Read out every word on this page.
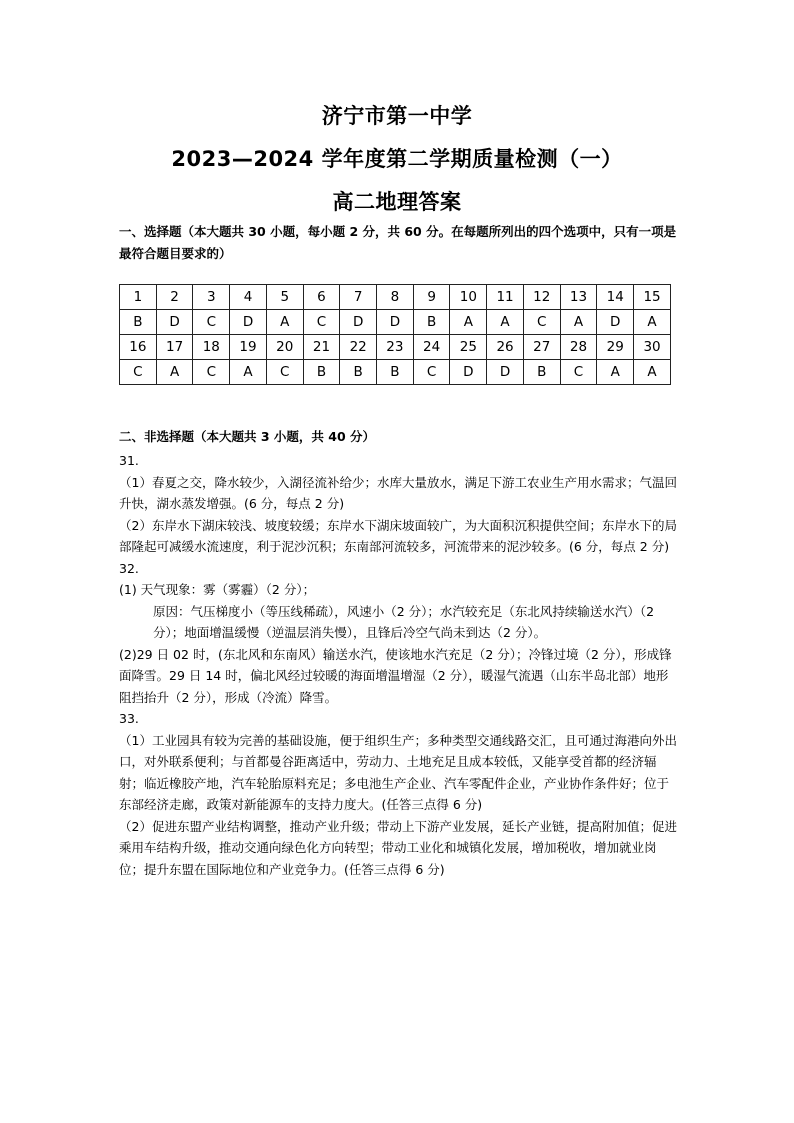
济宁市第一中学
2023—2024 学年度第二学期质量检测（一）
高二地理答案
一、选择题（本大题共 30 小题，每小题 2 分，共 60 分。在每题所列出的四个选项中，只有一项是最符合题目要求的）
1	2	3	4	5	6	7	8	9	10	11	12	13	14	15
B	D	C	D	A	C	D	D	B	A	A	C	A	D	A
16	17	18	19	20	21	22	23	24	25	26	27	28	29	30
C	A	C	A	C	B	B	B	C	D	D	B	C	A	A
二、非选择题（本大题共 3 小题，共 40 分）

31.

（1）春夏之交，降水较少，入湖径流补给少；水库大量放水，满足下游工农业生产用水需求；气温回升快，湖水蒸发增强。(6 分，每点 2 分)

（2）东岸水下湖床较浅、坡度较缓；东岸水下湖床坡面较广，为大面积沉积提供空间；东岸水下的局部隆起可减缓水流速度，利于泥沙沉积；东南部河流较多，河流带来的泥沙较多。(6 分，每点 2 分)

32.

(1) 天气现象：雾（雾霾）（2 分）；

原因：气压梯度小（等压线稀疏），风速小（2 分）；水汽较充足（东北风持续输送水汽）（2 分）；地面增温缓慢（逆温层消失慢），且锋后冷空气尚未到达（2 分）。

(2)29 日 02 时，(东北风和东南风）输送水汽，使该地水汽充足（2 分）；冷锋过境（2 分），形成锋面降雪。29 日 14 时，偏北风经过较暖的海面增温增湿（2 分），暖湿气流遇（山东半岛北部）地形阻挡抬升（2 分），形成（冷流）降雪。

33.

（1）工业园具有较为完善的基础设施，便于组织生产；多种类型交通线路交汇，且可通过海港向外出口，对外联系便利；与首都曼谷距离适中，劳动力、土地充足且成本较低，又能享受首都的经济辐射；临近橡胶产地，汽车轮胎原料充足；多电池生产企业、汽车零配件企业，产业协作条件好；位于东部经济走廊，政策对新能源车的支持力度大。(任答三点得 6 分)

（2）促进东盟产业结构调整，推动产业升级；带动上下游产业发展，延长产业链，提高附加值；促进乘用车结构升级，推动交通向绿色化方向转型；带动工业化和城镇化发展，增加税收，增加就业岗位；提升东盟在国际地位和产业竞争力。(任答三点得 6 分)
